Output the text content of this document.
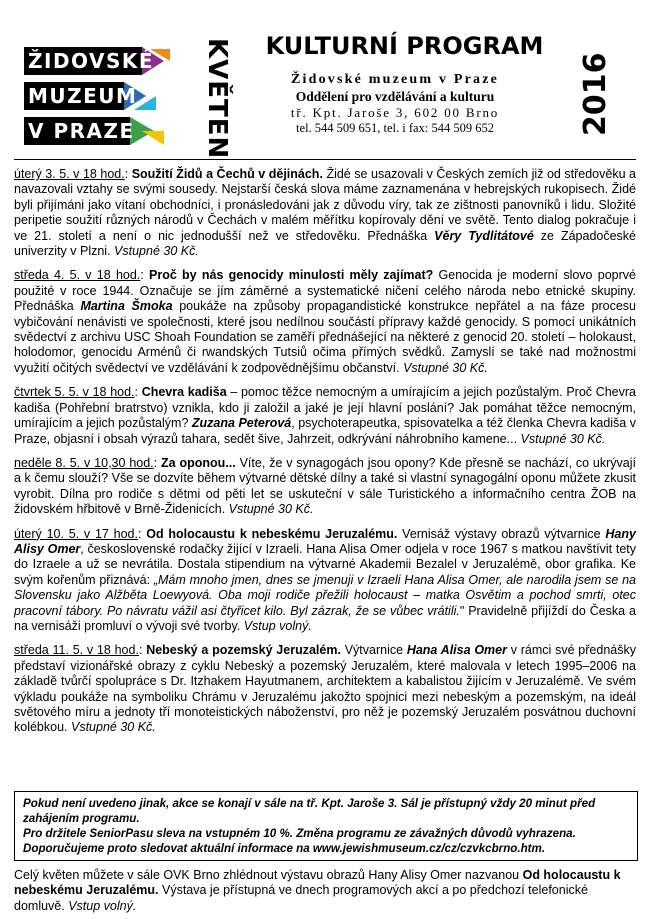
ŽIDOVSKÉ
MUZEUM
V PRAZE	KVĚTEN KULTURNÍ PROGRAM
Židovské muzeum v Praze
Oddělení pro vzdělávání a kulturu
tř. Kpt. Jaroše 3, 602 00 Brno
tel. 544 509 651, tel. i fax: 544 509 652	2016

úterý 3. 5. v 18 hod.: Soužití Židů a Čechů v dějinách. Židé se usazovali v Českých zemích již od středověku a navazovali vztahy se svými sousedy. Nejstarší česká slova máme zaznamenána v hebrejských rukopisech. Židé byli přijímáni jako vítaní obchodníci, i pronásledováni jak z důvodu víry, tak ze zištnosti panovníků i lidu. Složité peripetie soužití různých národů v Čechách v malém měřítku kopírovaly dění ve světě. Tento dialog pokračuje i ve 21. století a není o nic jednodušší než ve středověku. Přednáška Věry Tydlitátové ze Západočeské univerzity v Plzni. Vstupné 30 Kč.

středa 4. 5. v 18 hod.: Proč by nás genocidy minulosti měly zajímat? Genocida je moderní slovo poprvé použité v roce 1944. Označuje se jím záměrné a systematické ničení celého národa nebo etnické skupiny. Přednáška Martina Šmoka poukáže na způsoby propagandistické konstrukce nepřátel a na fáze procesu vybičování nenávisti ve společnosti, které jsou nedílnou součástí přípravy každé genocidy. S pomocí unikátních svědectví z archivu USC Shoah Foundation se zaměří přednášející na některé z genocid 20. století – holokaust, holodomor, genocidu Arménů či rwandských Tutsiů očima přímých svědků. Zamyslí se také nad možnostmi využití očitých svědectví ve vzdělávání k zodpovědnějšímu občanství. Vstupné 30 Kč.

čtvrtek 5. 5. v 18 hod.: Chevra kadiša – pomoc těžce nemocným a umírajícím a jejich pozůstalým. Proč Chevra kadiša (Pohřební bratrstvo) vznikla, kdo ji založil a jaké je její hlavní poslání? Jak pomáhat těžce nemocným, umírajícím a jejich pozůstalým? Zuzana Peterová, psychoterapeutka, spisovatelka a též členka Chevra kadiša v Praze, objasní i obsah výrazů tahara, sedět šive, Jahrzeit, odkrývání náhrobního kamene... Vstupné 30 Kč.

neděle 8. 5. v 10,30 hod.: Za oponou... Víte, že v synagogách jsou opony? Kde přesně se nachází, co ukrývají a k čemu slouží? Vše se dozvíte během výtvarné dětské dílny a také si vlastní synagogální oponu můžete zkusit vyrobit. Dílna pro rodiče s dětmi od pěti let se uskuteční v sále Turistického a informačního centra ŽOB na židovském hřbitově v Brně-Židenicích. Vstupné 30 Kč.

úterý 10. 5. v 17 hod.: Od holocaustu k nebeskému Jeruzalému. Vernisáž výstavy obrazů výtvarnice Hany Alisy Omer, československé rodačky žijící v Izraeli. Hana Alisa Omer odjela v roce 1967 s matkou navštívit tety do Izraele a už se nevrátila. Dostala stipendium na výtvarné Akademii Bezalel v Jeruzalémě, obor grafika. Ke svým kořenům přiznává: „Mám mnoho jmen, dnes se jmenuji v Izraeli Hana Alisa Omer, ale narodila jsem se na Slovensku jako Alžběta Loewyová. Oba moji rodiče přežili holocaust – matka Osvětim a pochod smrti, otec pracovní tábory. Po návratu vážil asi čtyřicet kilo. Byl zázrak, že se vůbec vrátili." Pravidelně přijíždí do Česka a na vernisáži promluví o vývoji své tvorby. Vstup volný.

středa 11. 5. v 18 hod.: Nebeský a pozemský Jeruzalém. Výtvarnice Hana Alisa Omer v rámci své přednášky představí vizionářské obrazy z cyklu Nebeský a pozemský Jeruzalém, které malovala v letech 1995–2006 na základě tvůrčí spolupráce s Dr. Itzhakem Hayutmanem, architektem a kabalistou žijícím v Jeruzalémě. Ve svém výkladu poukáže na symboliku Chrámu v Jeruzalému jakožto spojnici mezi nebeským a pozemským, na ideál světového míru a jednoty tří monoteistických náboženství, pro něž je pozemský Jeruzalém posvátnou duchovní kolébkou. Vstupné 30 Kč.

Pokud není uvedeno jinak, akce se konají v sále na tř. Kpt. Jaroše 3. Sál je přístupný vždy 20 minut před zahájením programu.

Pro držitele SeniorPasu sleva na vstupném 10 %. Změna programu ze závažných důvodů vyhrazena.

Doporučujeme proto sledovat aktuální informace na www.jewishmuseum.cz/cz/czvkcbrno.htm.

Celý květen můžete v sále OVK Brno zhlédnout výstavu obrazů Hany Alisy Omer nazvanou Od holocaustu k nebeskému Jeruzalému. Výstava je přístupná ve dnech programových akcí a po předchozí telefonické domluvě. Vstup volný.
